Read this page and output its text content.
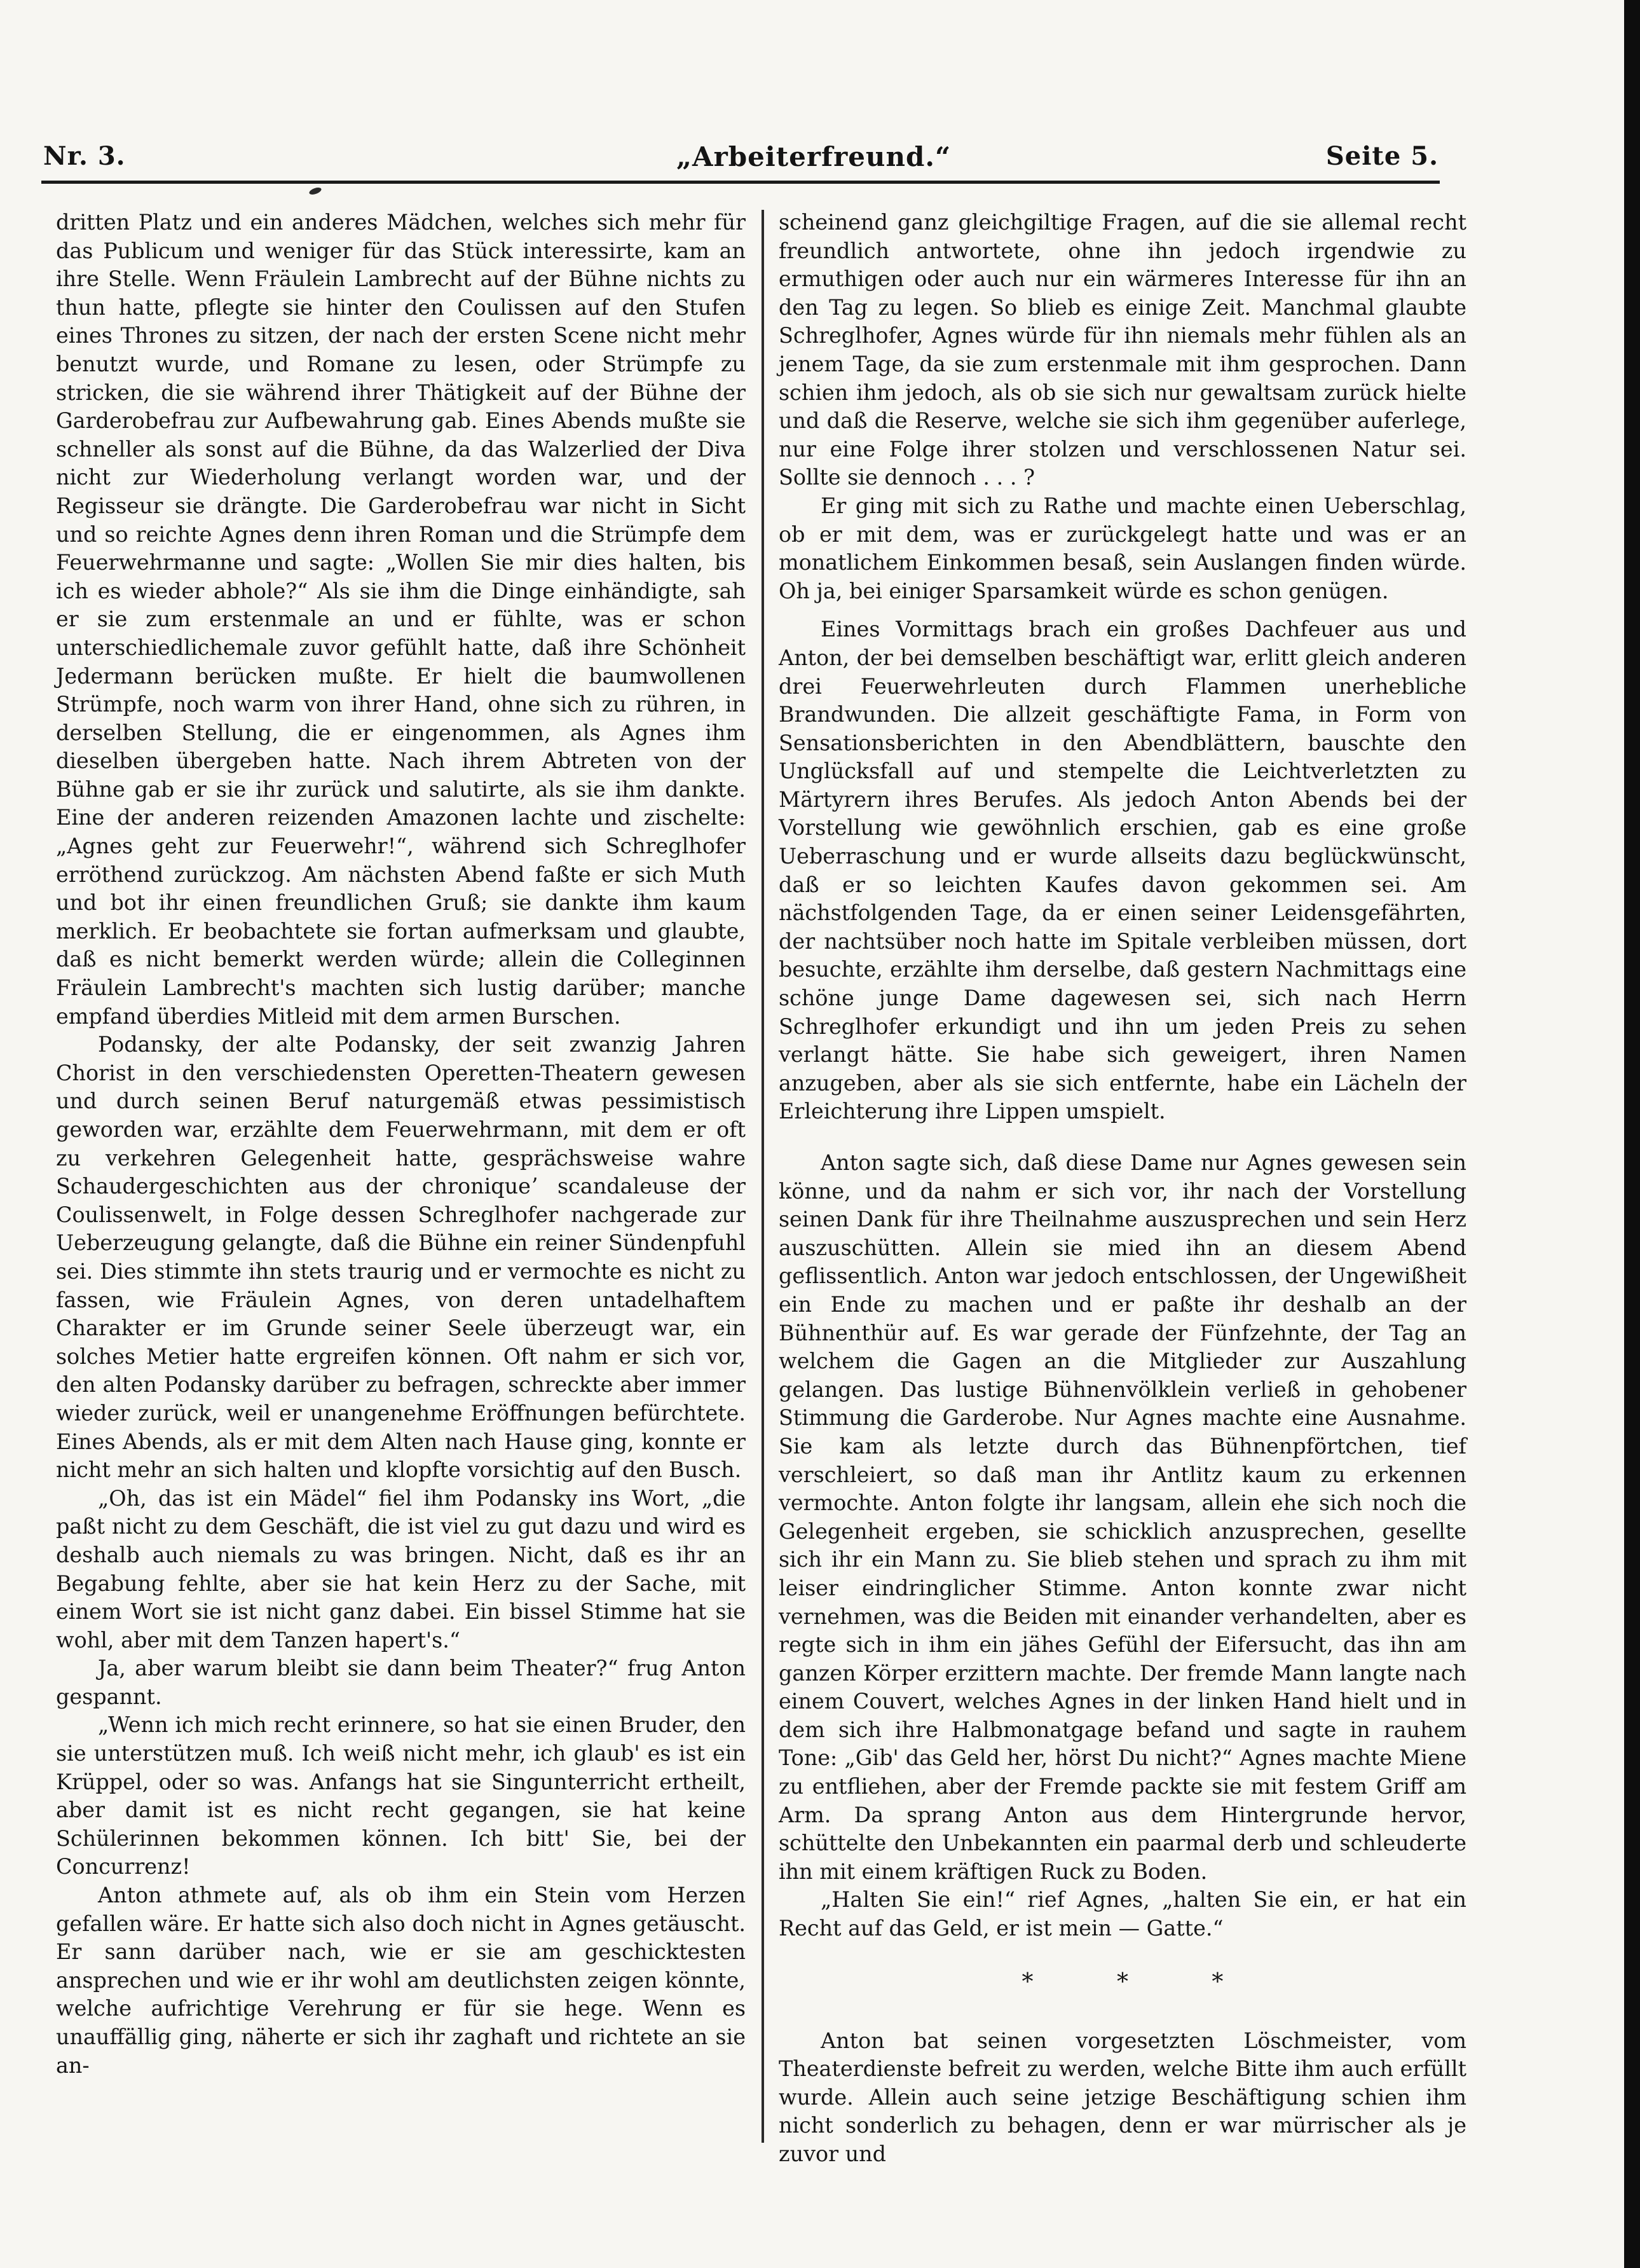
Nr. 3.	„Arbeiterfreund.“	Seite 5.

dritten Platz und ein anderes Mädchen, welches sich mehr für das Publicum und weniger für das Stück interessirte, kam an ihre Stelle. Wenn Fräulein Lambrecht auf der Bühne nichts zu thun hatte, pflegte sie hinter den Coulissen auf den Stufen eines Thrones zu sitzen, der nach der ersten Scene nicht mehr benutzt wurde, und Romane zu lesen, oder Strümpfe zu stricken, die sie während ihrer Thätigkeit auf der Bühne der Garderobefrau zur Aufbewahrung gab. Eines Abends mußte sie schneller als sonst auf die Bühne, da das Walzerlied der Diva nicht zur Wiederholung verlangt worden war, und der Regisseur sie drängte. Die Garderobefrau war nicht in Sicht und so reichte Agnes denn ihren Roman und die Strümpfe dem Feuerwehrmanne und sagte: „Wollen Sie mir dies halten, bis ich es wieder abhole?“ Als sie ihm die Dinge einhändigte, sah er sie zum erstenmale an und er fühlte, was er schon unterschiedlichemale zuvor gefühlt hatte, daß ihre Schönheit Jedermann berücken mußte. Er hielt die baumwollenen Strümpfe, noch warm von ihrer Hand, ohne sich zu rühren, in derselben Stellung, die er eingenommen, als Agnes ihm dieselben übergeben hatte. Nach ihrem Abtreten von der Bühne gab er sie ihr zurück und salutirte, als sie ihm dankte. Eine der anderen reizenden Amazonen lachte und zischelte: „Agnes geht zur Feuerwehr!“, während sich Schreglhofer erröthend zurückzog. Am nächsten Abend faßte er sich Muth und bot ihr einen freundlichen Gruß; sie dankte ihm kaum merklich. Er beobachtete sie fortan aufmerksam und glaubte, daß es nicht bemerkt werden würde; allein die Colleginnen Fräulein Lambrecht's machten sich lustig darüber; manche empfand überdies Mitleid mit dem armen Burschen.

Podansky, der alte Podansky, der seit zwanzig Jahren Chorist in den verschiedensten Operetten-Theatern gewesen und durch seinen Beruf naturgemäß etwas pessimistisch geworden war, erzählte dem Feuerwehrmann, mit dem er oft zu verkehren Gelegenheit hatte, gesprächsweise wahre Schaudergeschichten aus der chroniqueʼ scandaleuse der Coulissenwelt, in Folge dessen Schreglhofer nachgerade zur Ueberzeugung gelangte, daß die Bühne ein reiner Sündenpfuhl sei. Dies stimmte ihn stets traurig und er vermochte es nicht zu fassen, wie Fräulein Agnes, von deren untadelhaftem Charakter er im Grunde seiner Seele überzeugt war, ein solches Metier hatte ergreifen können. Oft nahm er sich vor, den alten Podansky darüber zu befragen, schreckte aber immer wieder zurück, weil er unangenehme Eröffnungen befürchtete. Eines Abends, als er mit dem Alten nach Hause ging, konnte er nicht mehr an sich halten und klopfte vorsichtig auf den Busch.

„Oh, das ist ein Mädel“ fiel ihm Podansky ins Wort, „die paßt nicht zu dem Geschäft, die ist viel zu gut dazu und wird es deshalb auch niemals zu was bringen. Nicht, daß es ihr an Begabung fehlte, aber sie hat kein Herz zu der Sache, mit einem Wort sie ist nicht ganz dabei. Ein bissel Stimme hat sie wohl, aber mit dem Tanzen hapert's.“

Ja, aber warum bleibt sie dann beim Theater?“ frug Anton gespannt.

„Wenn ich mich recht erinnere, so hat sie einen Bruder, den sie unterstützen muß. Ich weiß nicht mehr, ich glaub' es ist ein Krüppel, oder so was. Anfangs hat sie Singunterricht ertheilt, aber damit ist es nicht recht gegangen, sie hat keine Schülerinnen bekommen können. Ich bitt' Sie, bei der Concurrenz!

Anton athmete auf, als ob ihm ein Stein vom Herzen gefallen wäre. Er hatte sich also doch nicht in Agnes getäuscht. Er sann darüber nach, wie er sie am geschicktesten ansprechen und wie er ihr wohl am deutlichsten zeigen könnte, welche aufrichtige Verehrung er für sie hege. Wenn es unauffällig ging, näherte er sich ihr zaghaft und richtete an sie an-

scheinend ganz gleichgiltige Fragen, auf die sie allemal recht freundlich antwortete, ohne ihn jedoch irgendwie zu ermuthigen oder auch nur ein wärmeres Interesse für ihn an den Tag zu legen. So blieb es einige Zeit. Manchmal glaubte Schreglhofer, Agnes würde für ihn niemals mehr fühlen als an jenem Tage, da sie zum erstenmale mit ihm gesprochen. Dann schien ihm jedoch, als ob sie sich nur gewaltsam zurück hielte und daß die Reserve, welche sie sich ihm gegenüber auferlege, nur eine Folge ihrer stolzen und verschlossenen Natur sei. Sollte sie dennoch . . . ?

Er ging mit sich zu Rathe und machte einen Ueberschlag, ob er mit dem, was er zurückgelegt hatte und was er an monatlichem Einkommen besaß, sein Auslangen finden würde. Oh ja, bei einiger Sparsamkeit würde es schon genügen.

Eines Vormittags brach ein großes Dachfeuer aus und Anton, der bei demselben beschäftigt war, erlitt gleich anderen drei Feuerwehrleuten durch Flammen unerhebliche Brandwunden. Die allzeit geschäftigte Fama, in Form von Sensationsberichten in den Abendblättern, bauschte den Unglücksfall auf und stempelte die Leichtverletzten zu Märtyrern ihres Berufes. Als jedoch Anton Abends bei der Vorstellung wie gewöhnlich erschien, gab es eine große Ueberraschung und er wurde allseits dazu beglückwünscht, daß er so leichten Kaufes davon gekommen sei. Am nächstfolgenden Tage, da er einen seiner Leidensgefährten, der nachtsüber noch hatte im Spitale verbleiben müssen, dort besuchte, erzählte ihm derselbe, daß gestern Nachmittags eine schöne junge Dame dagewesen sei, sich nach Herrn Schreglhofer erkundigt und ihn um jeden Preis zu sehen verlangt hätte. Sie habe sich geweigert, ihren Namen anzugeben, aber als sie sich entfernte, habe ein Lächeln der Erleichterung ihre Lippen umspielt.

Anton sagte sich, daß diese Dame nur Agnes gewesen sein könne, und da nahm er sich vor, ihr nach der Vorstellung seinen Dank für ihre Theilnahme auszusprechen und sein Herz auszuschütten. Allein sie mied ihn an diesem Abend geflissentlich. Anton war jedoch entschlossen, der Ungewißheit ein Ende zu machen und er paßte ihr deshalb an der Bühnenthür auf. Es war gerade der Fünfzehnte, der Tag an welchem die Gagen an die Mitglieder zur Auszahlung gelangen. Das lustige Bühnenvölklein verließ in gehobener Stimmung die Garderobe. Nur Agnes machte eine Ausnahme. Sie kam als letzte durch das Bühnenpförtchen, tief verschleiert, so daß man ihr Antlitz kaum zu erkennen vermochte. Anton folgte ihr langsam, allein ehe sich noch die Gelegenheit ergeben, sie schicklich anzusprechen, gesellte sich ihr ein Mann zu. Sie blieb stehen und sprach zu ihm mit leiser eindringlicher Stimme. Anton konnte zwar nicht vernehmen, was die Beiden mit einander verhandelten, aber es regte sich in ihm ein jähes Gefühl der Eifersucht, das ihn am ganzen Körper erzittern machte. Der fremde Mann langte nach einem Couvert, welches Agnes in der linken Hand hielt und in dem sich ihre Halbmonatgage befand und sagte in rauhem Tone: „Gib' das Geld her, hörst Du nicht?“ Agnes machte Miene zu entfliehen, aber der Fremde packte sie mit festem Griff am Arm. Da sprang Anton aus dem Hintergrunde hervor, schüttelte den Unbekannten ein paarmal derb und schleuderte ihn mit einem kräftigen Ruck zu Boden.

„Halten Sie ein!“ rief Agnes, „halten Sie ein, er hat ein Recht auf das Geld, er ist mein — Gatte.“

* * *

Anton bat seinen vorgesetzten Löschmeister, vom Theaterdienste befreit zu werden, welche Bitte ihm auch erfüllt wurde. Allein auch seine jetzige Beschäftigung schien ihm nicht sonderlich zu behagen, denn er war mürrischer als je zuvor und
